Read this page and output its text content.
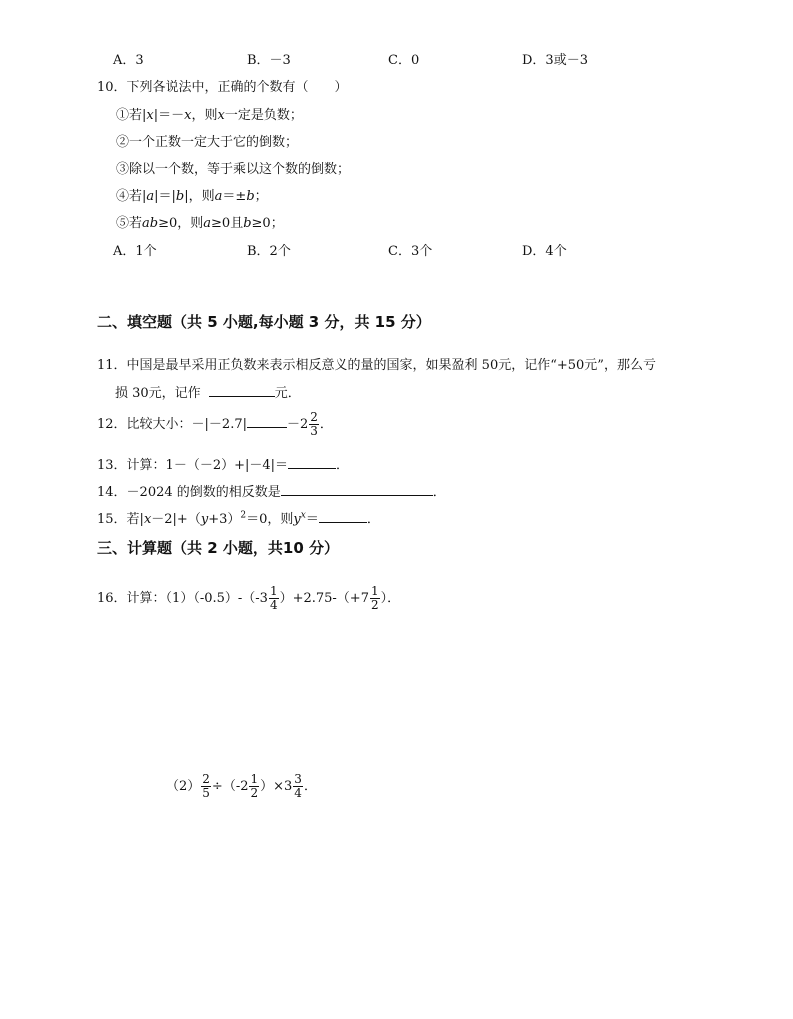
A．3	B．－3	C．0	D．3或－3
10．下列各说法中，正确的个数有（　　）
①若|x|＝－x，则x一定是负数；
②一个正数一定大于它的倒数；
③除以一个数，等于乘以这个数的倒数；
④若|a|＝|b|，则a＝±b；
⑤若ab≥0，则a≥0且b≥0；
A．1个	B．2个	C．3个	D．4个
二、填空题（共 5 小题,每小题 3 分，共 15 分）
11．中国是最早采用正负数来表示相反意义的量的国家，如果盈利 50元，记作“+50元”，那么亏
损 30元，记作	元．
12．比较大小：－|－2.7|	$-2 \frac{2}{3}$ ．
13．计算：1－（－2）+|－4|＝	．
14．－2024 的倒数的相反数是	．
15．若$|x-2|+(y+3)^2=0$，则$y^x=$	．
三、计算题（共 2 小题，共10 分）
16．计算：$(1)(-0.5)-(-3 \frac{1}{4} )+2.75-(+7 \frac{1}{2}$ ）．
$(2) \frac{2}{5} \div(-2 \frac{1}{2} )\times 3 \frac{3}{4}$ ．
